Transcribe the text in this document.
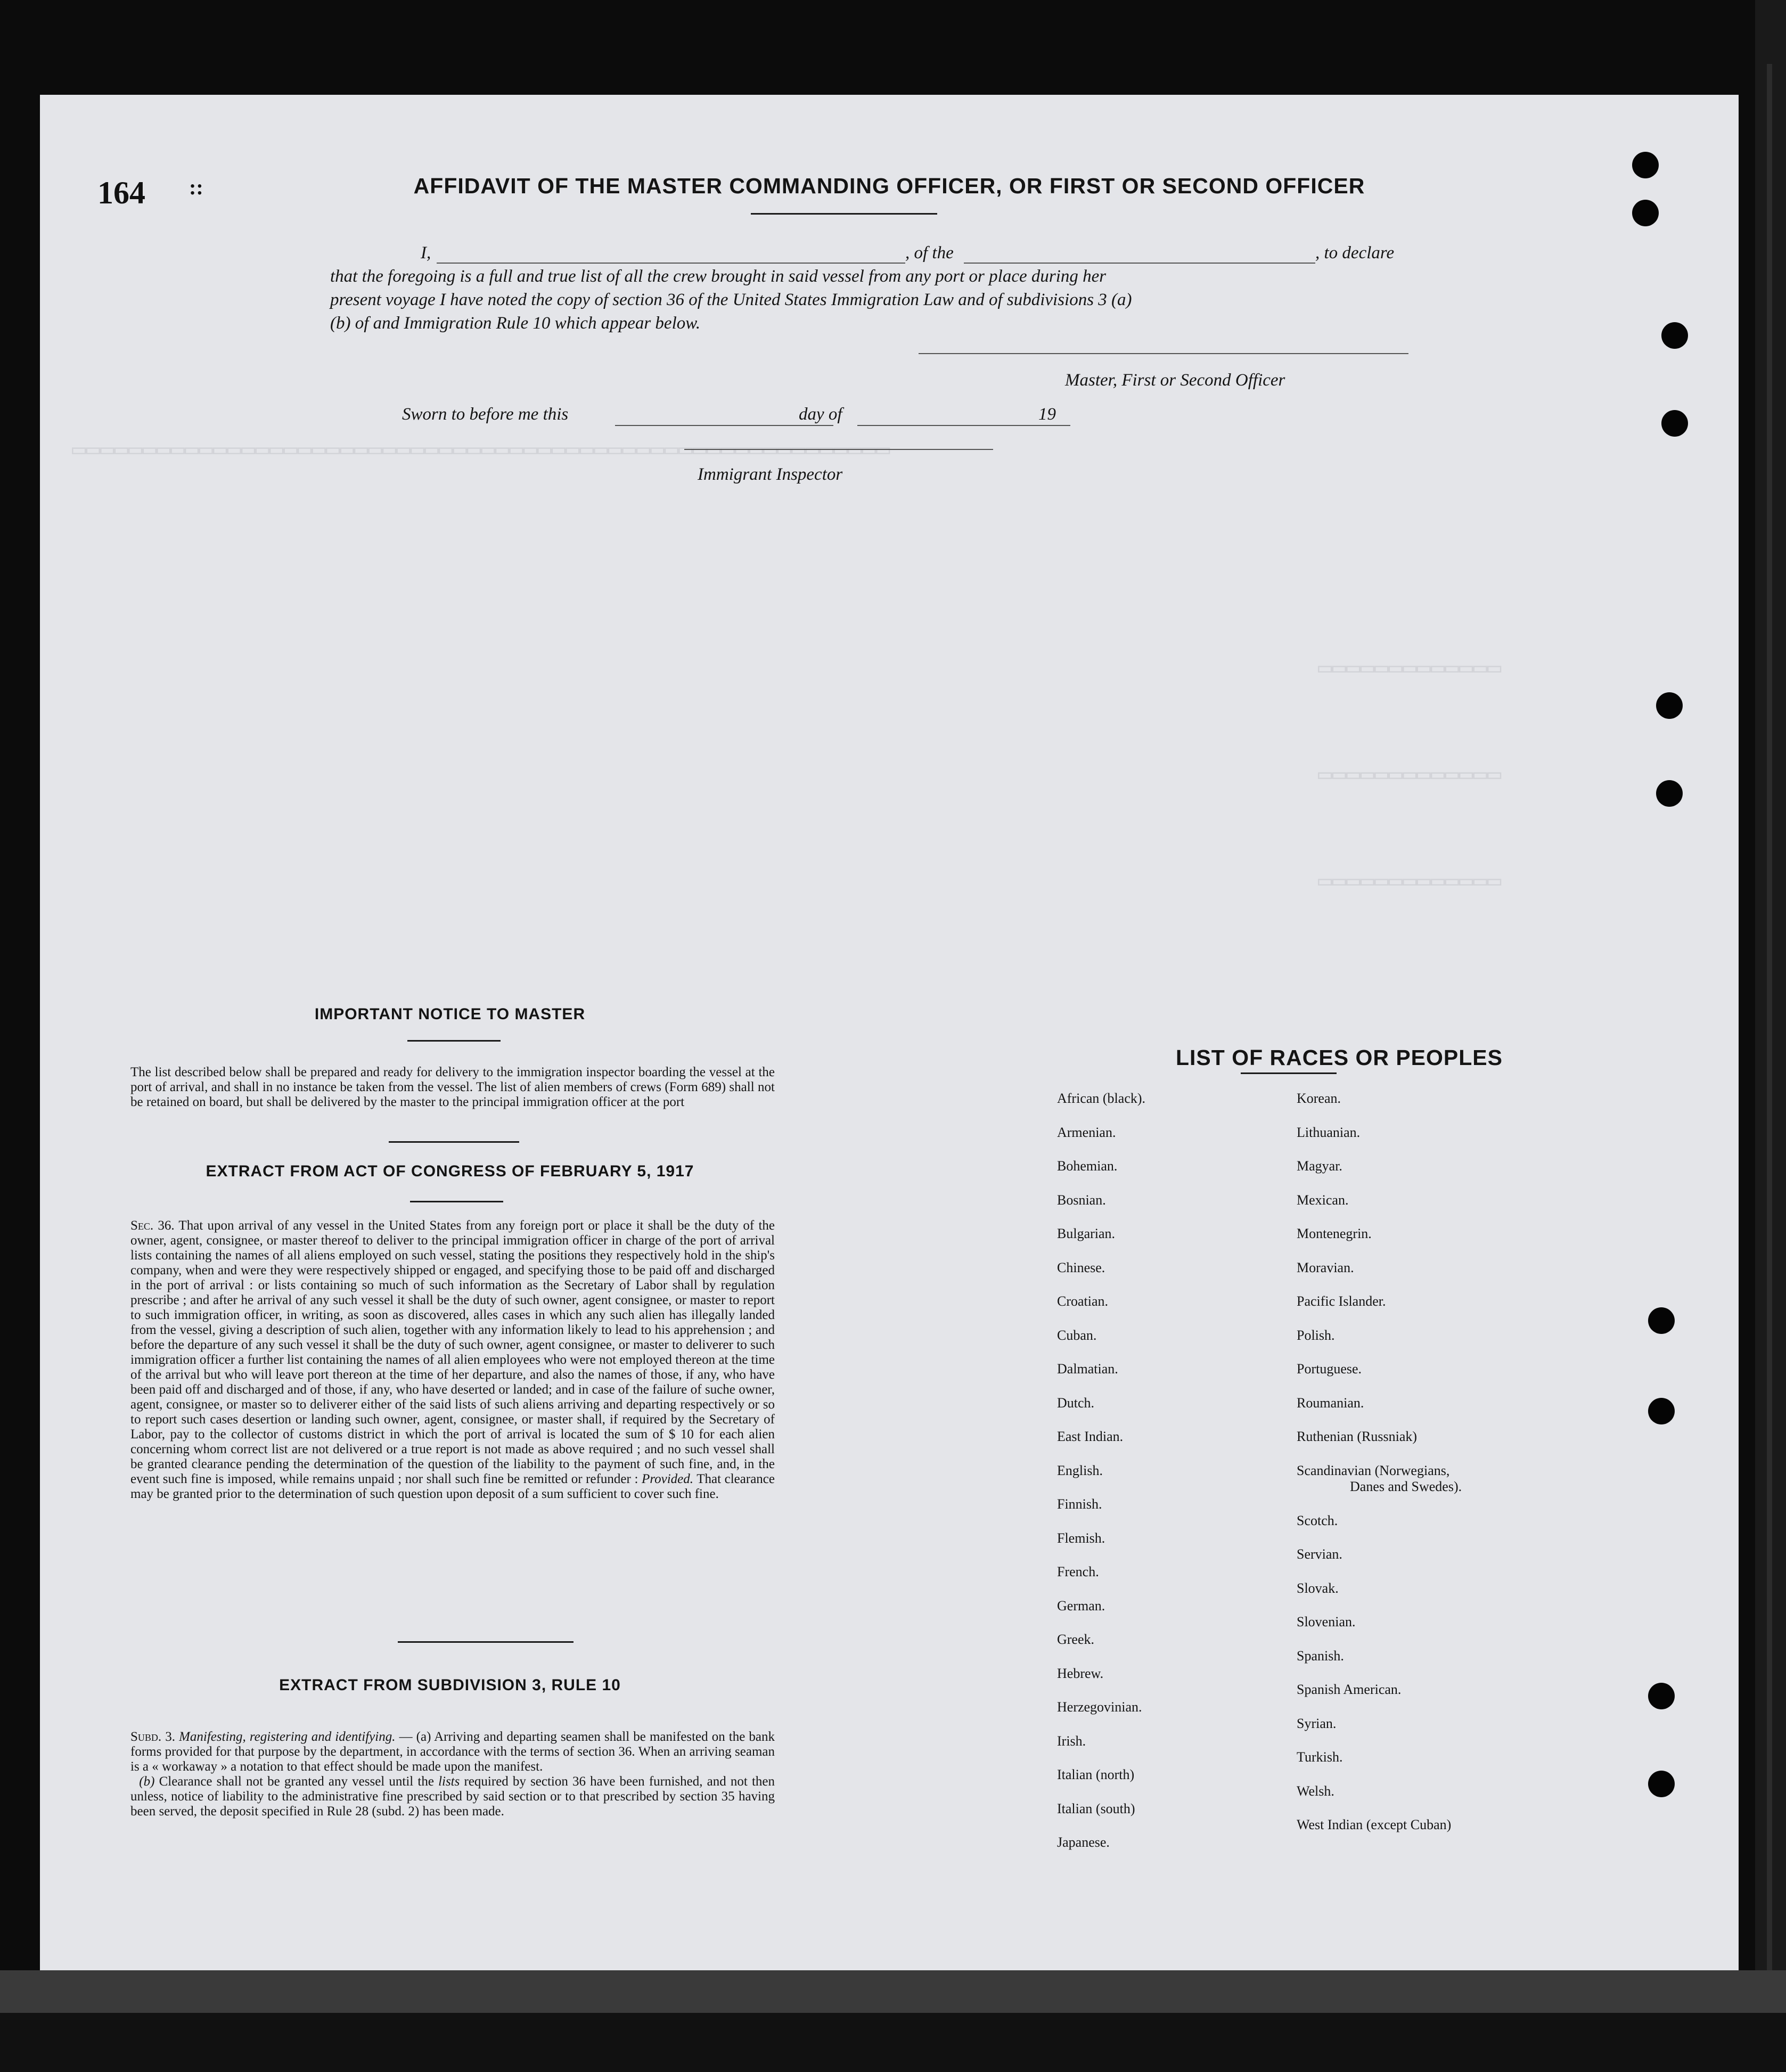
▭▭▭▭▭▭▭▭▭▭▭▭▭▭▭▭▭▭▭▭▭▭▭▭▭▭▭▭▭▭▭▭▭▭▭▭▭▭▭▭▭▭▭▭▭▭▭▭▭▭▭▭▭▭▭▭▭▭
▭▭▭▭▭▭▭▭▭▭▭▭▭
▭▭▭▭▭▭▭▭▭▭▭▭▭
▭▭▭▭▭▭▭▭▭▭▭▭▭
164 ::	AFFIDAVIT OF THE MASTER COMMANDING OFFICER, OR FIRST OR SECOND OFFICER
I,	, of the	, to declare
that the foregoing is a full and true list of all the crew brought in said vessel from any port or place during her
present voyage I have noted the copy of section 36 of the United States Immigration Law and of subdivisions 3 (a)
(b) of and Immigration Rule 10 which appear below.
Master, First or Second Officer
Sworn to before me this	day of	19
Immigrant Inspector
IMPORTANT NOTICE TO MASTER
The list described below shall be prepared and ready for delivery to the immigration inspector boarding the vessel at the port of arrival, and shall in no instance be taken from the vessel. The list of alien members of crews (Form 689) shall not be retained on board, but shall be delivered by the master to the principal immigration officer at the port
EXTRACT FROM ACT OF CONGRESS OF FEBRUARY 5, 1917
Sec. 36. That upon arrival of any vessel in the United States from any foreign port or place it shall be the duty of the owner, agent, consignee, or master thereof to deliver to the principal immigration officer in charge of the port of arrival lists containing the names of all aliens employed on such vessel, stating the positions they respectively hold in the ship's company, when and were they were respectively shipped or engaged, and specifying those to be paid off and discharged in the port of arrival : or lists containing so much of such information as the Secretary of Labor shall by regulation prescribe ; and after he arrival of any such vessel it shall be the duty of such owner, agent consignee, or master to report to such immigration officer, in writing, as soon as discovered, alles cases in which any such alien has illegally landed from the vessel, giving a description of such alien, together with any information likely to lead to his apprehension ; and before the departure of any such vessel it shall be the duty of such owner, agent consignee, or master to deliverer to such immigration officer a further list containing the names of all alien employees who were not employed thereon at the time of the arrival but who will leave port thereon at the time of her departure, and also the names of those, if any, who have been paid off and discharged and of those, if any, who have deserted or landed; and in case of the failure of suche owner, agent, consignee, or master so to deliverer either of the said lists of such aliens arriving and departing respectively or so to report such cases desertion or landing such owner, agent, consignee, or master shall, if required by the Secretary of Labor, pay to the collector of customs district in which the port of arrival is located the sum of $ 10 for each alien concerning whom correct list are not delivered or a true report is not made as above required ; and no such vessel shall be granted clearance pending the determination of the question of the liability to the payment of such fine, and, in the event such fine is imposed, while remains unpaid ; nor shall such fine be remitted or refunder : Provided. That clearance may be granted prior to the determination of such question upon deposit of a sum sufficient to cover such fine.
EXTRACT FROM SUBDIVISION 3, RULE 10
Subd. 3. Manifesting, registering and identifying. — (a) Arriving and departing seamen shall be manifested on the bank forms provided for that purpose by the department, in accordance with the terms of section 36. When an arriving seaman is a « workaway » a notation to that effect should be made upon the manifest.
(b) Clearance shall not be granted any vessel until the lists required by section 36 have been furnished, and not then unless, notice of liability to the administrative fine prescribed by said section or to that prescribed by section 35 having been served, the deposit specified in Rule 28 (subd. 2) has been made.
LIST OF RACES OR PEOPLES
African (black).
Armenian.
Bohemian.
Bosnian.
Bulgarian.
Chinese.
Croatian.
Cuban.
Dalmatian.
Dutch.
East Indian.
English.
Finnish.
Flemish.
French.
German.
Greek.
Hebrew.
Herzegovinian.
Irish.
Italian (north)
Italian (south)
Japanese.
Korean.
Lithuanian.
Magyar.
Mexican.
Montenegrin.
Moravian.
Pacific Islander.
Polish.
Portuguese.
Roumanian.
Ruthenian (Russniak)
Scandinavian (Norwegians,
Danes and Swedes).
Scotch.
Servian.
Slovak.
Slovenian.
Spanish.
Spanish American.
Syrian.
Turkish.
Welsh.
West Indian (except Cuban)
